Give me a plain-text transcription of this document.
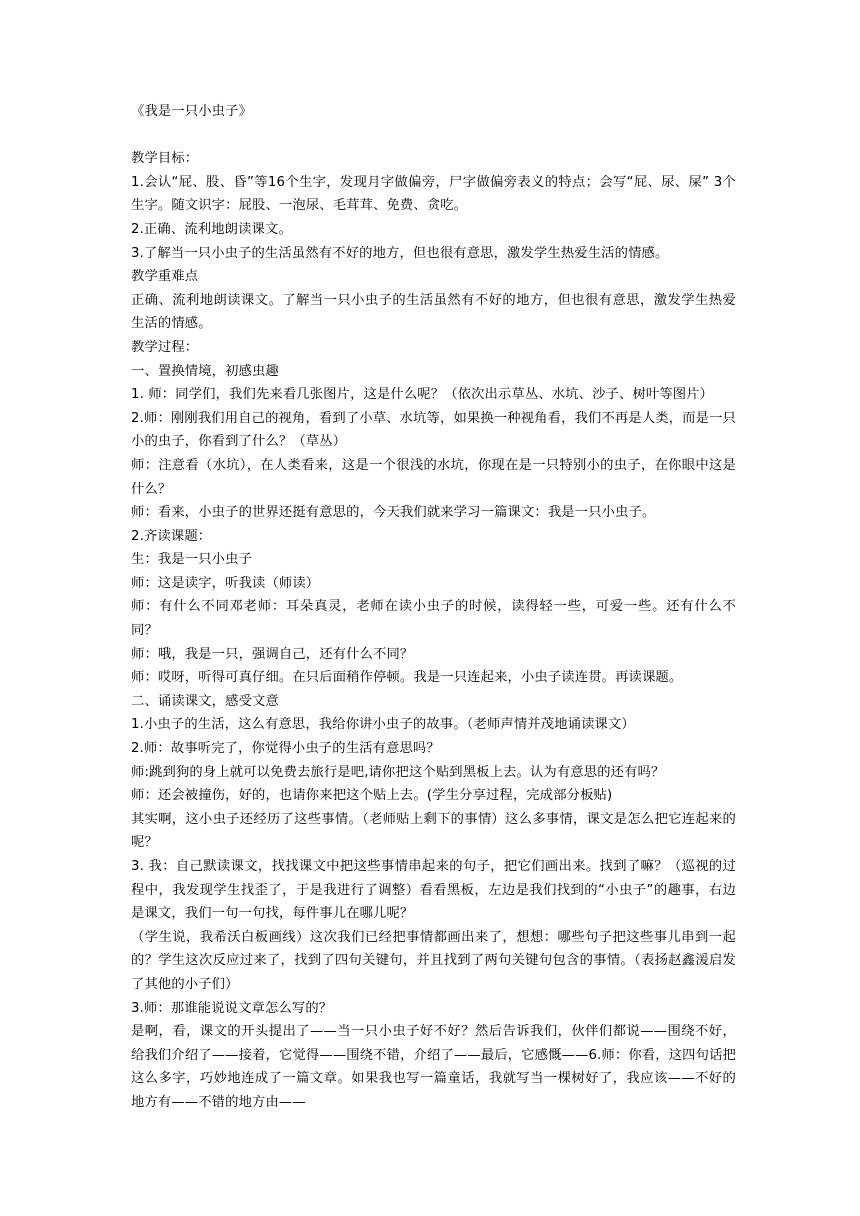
《我是一只小虫子》

教学目标：

1.会认“屁、股、昏”等16个生字，发现月字做偏旁，尸字做偏旁表义的特点；会写“屁、尿、屎” 3个生字。随文识字：屁股、一泡尿、毛茸茸、免费、贪吃。

2.正确、流利地朗读课文。

3.了解当一只小虫子的生活虽然有不好的地方，但也很有意思，激发学生热爱生活的情感。

教学重难点

正确、流利地朗读课文。了解当一只小虫子的生活虽然有不好的地方，但也很有意思，激发学生热爱生活的情感。

教学过程：

一、置换情境，初感虫趣

1. 师：同学们，我们先来看几张图片，这是什么呢？（依次出示草丛、水坑、沙子、树叶等图片）

2.师：刚刚我们用自己的视角，看到了小草、水坑等，如果换一种视角看，我们不再是人类，而是一只小的虫子，你看到了什么？（草丛）

师：注意看（水坑），在人类看来，这是一个很浅的水坑，你现在是一只特别小的虫子，在你眼中这是什么？

师：看来，小虫子的世界还挺有意思的，今天我们就来学习一篇课文：我是一只小虫子。

2.齐读课题：

生：我是一只小虫子

师：这是读字，听我读（师读）

师：有什么不同邓老师：耳朵真灵，老师在读小虫子的时候，读得轻一些，可爱一些。还有什么不同？

师：哦，我是一只，强调自己，还有什么不同？

师：哎呀，听得可真仔细。在只后面稍作停顿。我是一只连起来，小虫子读连贯。再读课题。

二、诵读课文，感受文意

1.小虫子的生活，这么有意思，我给你讲小虫子的故事。（老师声情并茂地诵读课文）

2.师：故事听完了，你觉得小虫子的生活有意思吗？

师:跳到狗的身上就可以免费去旅行是吧,请你把这个贴到黑板上去。认为有意思的还有吗？

师：还会被撞伤，好的，也请你来把这个贴上去。(学生分享过程，完成部分板贴)

其实啊，这小虫子还经历了这些事情。（老师贴上剩下的事情）这么多事情，课文是怎么把它连起来的呢？

3. 我：自己默读课文，找找课文中把这些事情串起来的句子，把它们画出来。找到了嘛？（巡视的过程中，我发现学生找歪了，于是我进行了调整）看看黑板，左边是我们找到的“小虫子”的趣事，右边是课文，我们一句一句找，每件事儿在哪儿呢？

（学生说，我希沃白板画线）这次我们已经把事情都画出来了，想想：哪些句子把这些事儿串到一起的？学生这次反应过来了，找到了四句关键句，并且找到了两句关键句包含的事情。（表扬赵鑫湲启发了其他的小子们）

3.师：那谁能说说文章怎么写的？

是啊，看，课文的开头提出了——当一只小虫子好不好？然后告诉我们，伙伴们都说——围绕不好，给我们介绍了——接着，它觉得——围绕不错，介绍了——最后，它感慨——6.师：你看，这四句话把这么多字，巧妙地连成了一篇文章。如果我也写一篇童话，我就写当一棵树好了，我应该——不好的地方有——不错的地方由——
